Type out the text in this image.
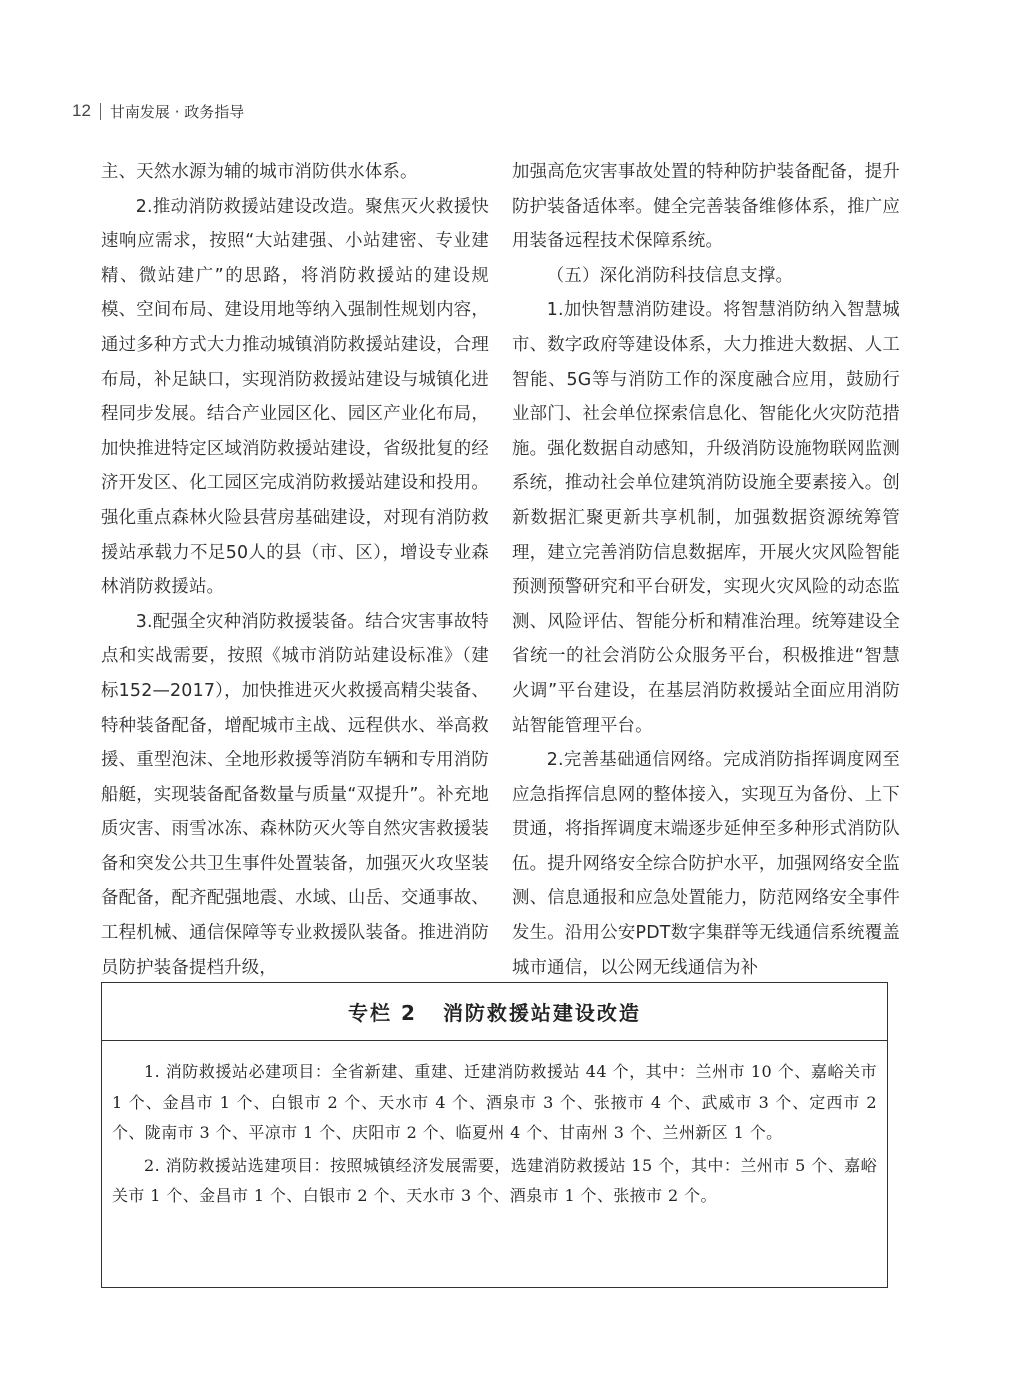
12 甘南发展 · 政务指导

主、天然水源为辅的城市消防供水体系。

2.推动消防救援站建设改造。聚焦灭火救援快速响应需求，按照“大站建强、小站建密、专业建精、微站建广”的思路，将消防救援站的建设规模、空间布局、建设用地等纳入强制性规划内容，通过多种方式大力推动城镇消防救援站建设，合理布局，补足缺口，实现消防救援站建设与城镇化进程同步发展。结合产业园区化、园区产业化布局，加快推进特定区域消防救援站建设，省级批复的经济开发区、化工园区完成消防救援站建设和投用。强化重点森林火险县营房基础建设，对现有消防救援站承载力不足50人的县（市、区），增设专业森林消防救援站。

3.配强全灾种消防救援装备。结合灾害事故特点和实战需要，按照《城市消防站建设标准》（建标152—2017），加快推进灭火救援高精尖装备、特种装备配备，增配城市主战、远程供水、举高救援、重型泡沫、全地形救援等消防车辆和专用消防船艇，实现装备配备数量与质量“双提升”。补充地质灾害、雨雪冰冻、森林防灭火等自然灾害救援装备和突发公共卫生事件处置装备，加强灭火攻坚装备配备，配齐配强地震、水域、山岳、交通事故、工程机械、通信保障等专业救援队装备。推进消防员防护装备提档升级，

加强高危灾害事故处置的特种防护装备配备，提升防护装备适体率。健全完善装备维修体系，推广应用装备远程技术保障系统。

（五）深化消防科技信息支撑。

1.加快智慧消防建设。将智慧消防纳入智慧城市、数字政府等建设体系，大力推进大数据、人工智能、5G等与消防工作的深度融合应用，鼓励行业部门、社会单位探索信息化、智能化火灾防范措施。强化数据自动感知，升级消防设施物联网监测系统，推动社会单位建筑消防设施全要素接入。创新数据汇聚更新共享机制，加强数据资源统筹管理，建立完善消防信息数据库，开展火灾风险智能预测预警研究和平台研发，实现火灾风险的动态监测、风险评估、智能分析和精准治理。统筹建设全省统一的社会消防公众服务平台，积极推进“智慧火调”平台建设，在基层消防救援站全面应用消防站智能管理平台。

2.完善基础通信网络。完成消防指挥调度网至应急指挥信息网的整体接入，实现互为备份、上下贯通，将指挥调度末端逐步延伸至多种形式消防队伍。提升网络安全综合防护水平，加强网络安全监测、信息通报和应急处置能力，防范网络安全事件发生。沿用公安PDT数字集群等无线通信系统覆盖城市通信，以公网无线通信为补

专栏 2 消防救援站建设改造

1. 消防救援站必建项目：全省新建、重建、迁建消防救援站 44 个，其中：兰州市 10 个、嘉峪关市 1 个、金昌市 1 个、白银市 2 个、天水市 4 个、酒泉市 3 个、张掖市 4 个、武威市 3 个、定西市 2 个、陇南市 3 个、平凉市 1 个、庆阳市 2 个、临夏州 4 个、甘南州 3 个、兰州新区 1 个。

2. 消防救援站选建项目：按照城镇经济发展需要，选建消防救援站 15 个，其中：兰州市 5 个、嘉峪关市 1 个、金昌市 1 个、白银市 2 个、天水市 3 个、酒泉市 1 个、张掖市 2 个。
